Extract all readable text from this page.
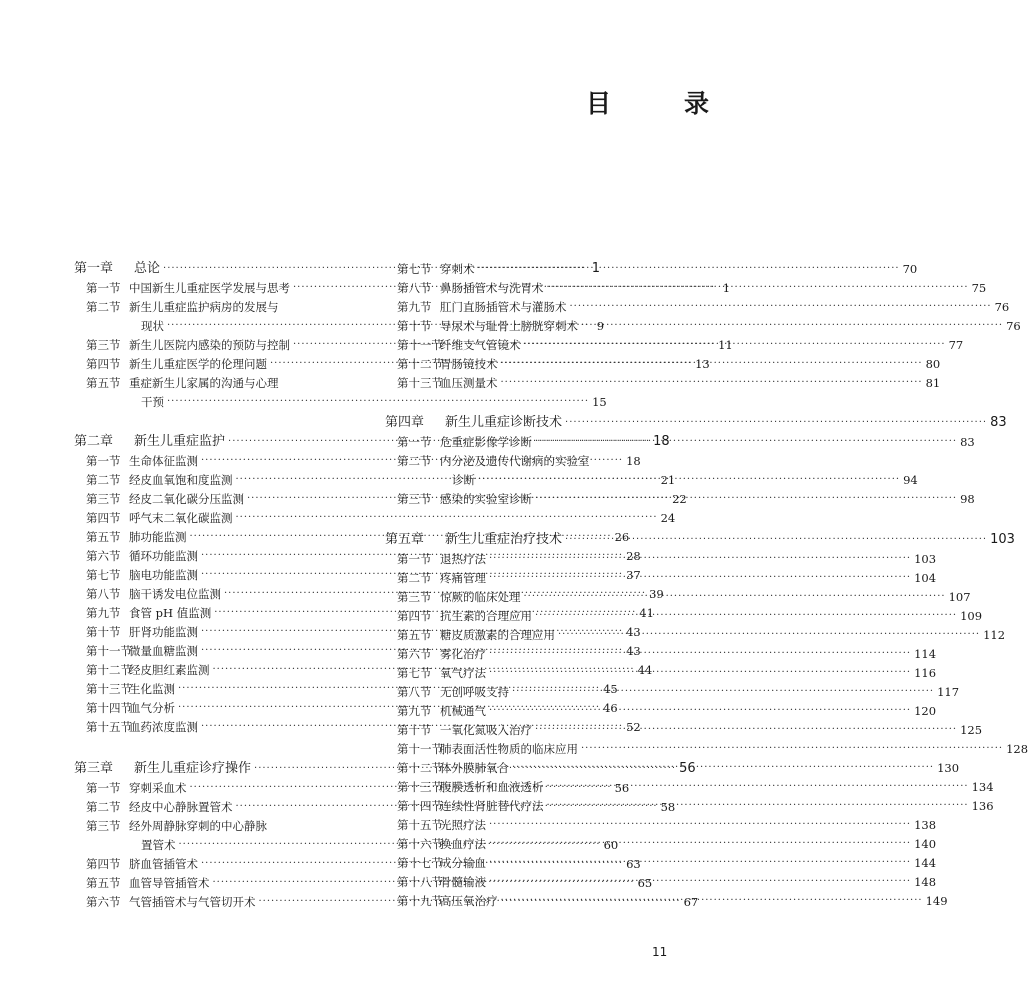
目　录
第一章	总论 ·····	1
第一节 中国新生儿重症医学发展与思考 ·····	1
第二节 新生儿重症监护病房的发展与
现状 ·····	9
第三节 新生儿医院内感染的预防与控制 ·····	11
第四节 新生儿重症医学的伦理问题 ·····	13
第五节 重症新生儿家属的沟通与心理
干预 ·····	15
第二章	新生儿重症监护 ·····	18
第一节 生命体征监测 ·····	18
第二节 经皮血氧饱和度监测 ·····	21
第三节 经皮二氧化碳分压监测 ·····	22
第四节 呼气末二氧化碳监测 ·····	24
第五节 肺功能监测 ·····	26
第六节 循环功能监测 ·····	28
第七节 脑电功能监测 ·····	37
第八节 脑干诱发电位监测 ·····	39
第九节 食管 pH 值监测 ·····	41
第十节 肝肾功能监测 ·····	43
第十一节
微量血糖监测 ·····	43
第十二节
经皮胆红素监测 ·····	44
第十三节
生化监测 ·····	45
第十四节
血气分析 ·····	46
第十五节
血药浓度监测 ·····	52
第三章	新生儿重症诊疗操作 ·····	56
第一节 穿刺采血术 ·····	56
第二节 经皮中心静脉置管术 ·····	58
第三节 经外周静脉穿刺的中心静脉
置管术 ·····	60
第四节 脐血管插管术 ·····	63
第五节 血管导管插管术 ·····	65
第六节 气管插管术与气管切开术 ·····	67
第七节 穿刺术 ·····	70
第八节 鼻肠插管术与洗胃术 ·····	75
第九节 肛门直肠插管术与灌肠术 ·····	76
第十节 导尿术与耻骨上膀胱穿刺术 ·····	76
第十一节
纤维支气管镜术 ·····	77
第十二节
胃肠镜技术 ·····	80
第十三节
血压测量术 ·····	81
第四章	新生儿重症诊断技术 ·····	83
第一节 危重症影像学诊断 ·····	83
第二节 内分泌及遗传代谢病的实验室
诊断 ·····	94
第三节 感染的实验室诊断 ·····	98
第五章	新生儿重症治疗技术 ·····	103
第一节 退热疗法 ·····	103
第二节 疼痛管理 ·····	104
第三节 惊厥的临床处理 ·····	107
第四节 抗生素的合理应用 ·····	109
第五节 糖皮质激素的合理应用 ·····	112
第六节 雾化治疗 ·····	114
第七节 氧气疗法 ·····	116
第八节 无创呼吸支持 ·····	117
第九节 机械通气 ·····	120
第十节 一氧化氮吸入治疗 ·····	125
第十一节
肺表面活性物质的临床应用 ·····	128
第十二节
体外膜肺氧合 ·····	130
第十三节
腹膜透析和血液透析 ·····	134
第十四节
连续性肾脏替代疗法 ·····	136
第十五节
光照疗法 ·····	138
第十六节
换血疗法 ·····	140
第十七节
成分输血 ·····	144
第十八节
骨髓输液 ·····	148
第十九节
高压氧治疗 ·····	149
11
